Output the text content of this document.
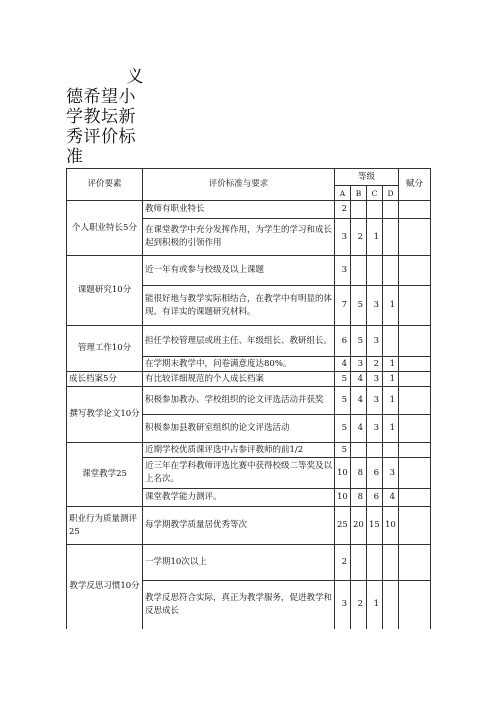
义
德希望小学教坛新秀评价标准
评价要素	评价标准与要求	等级				赋分
		A	B	C	D	
个人职业特长5分	教师有职业特长	2				
	在课堂教学中充分发挥作用，为学生的学习和成长起到积极的引领作用	3	2	1		
课题研究10分	近一年有或参与校级及以上课题	3				
	能很好地与教学实际相结合，在教学中有明显的体现。有详实的课题研究材料。	7	5	3	1	
管理工作10分	担任学校管理层或班主任、年级组长、教研组长。	6	5	3		
	在学期末教学中，问卷满意度达80%。	4	3	2	1	
成长档案5分	有比较详细规范的个人成长档案	5	4	3	1	
撰写教学论文10分	积极参加教办、学校组织的论文评选活动并获奖	5	4	3	1	
	积极参加县教研室组织的论文评选活动	5	4	3	1	
课堂教学25	近期学校优质课评选中占参评教师的前1/2	5				
	近三年在学科教师评选比赛中获得校级二等奖及以上名次。	10	8	6	3	
	课堂教学能力测评。	10	8	6	4	
职业行为质量测评25	每学期教学质量居优秀等次	25	20	15	10	
教学反思习惯10分	一学期10次以上	2				
	教学反思符合实际，真正为教学服务，促进教学和反思成长	3	2	1		
